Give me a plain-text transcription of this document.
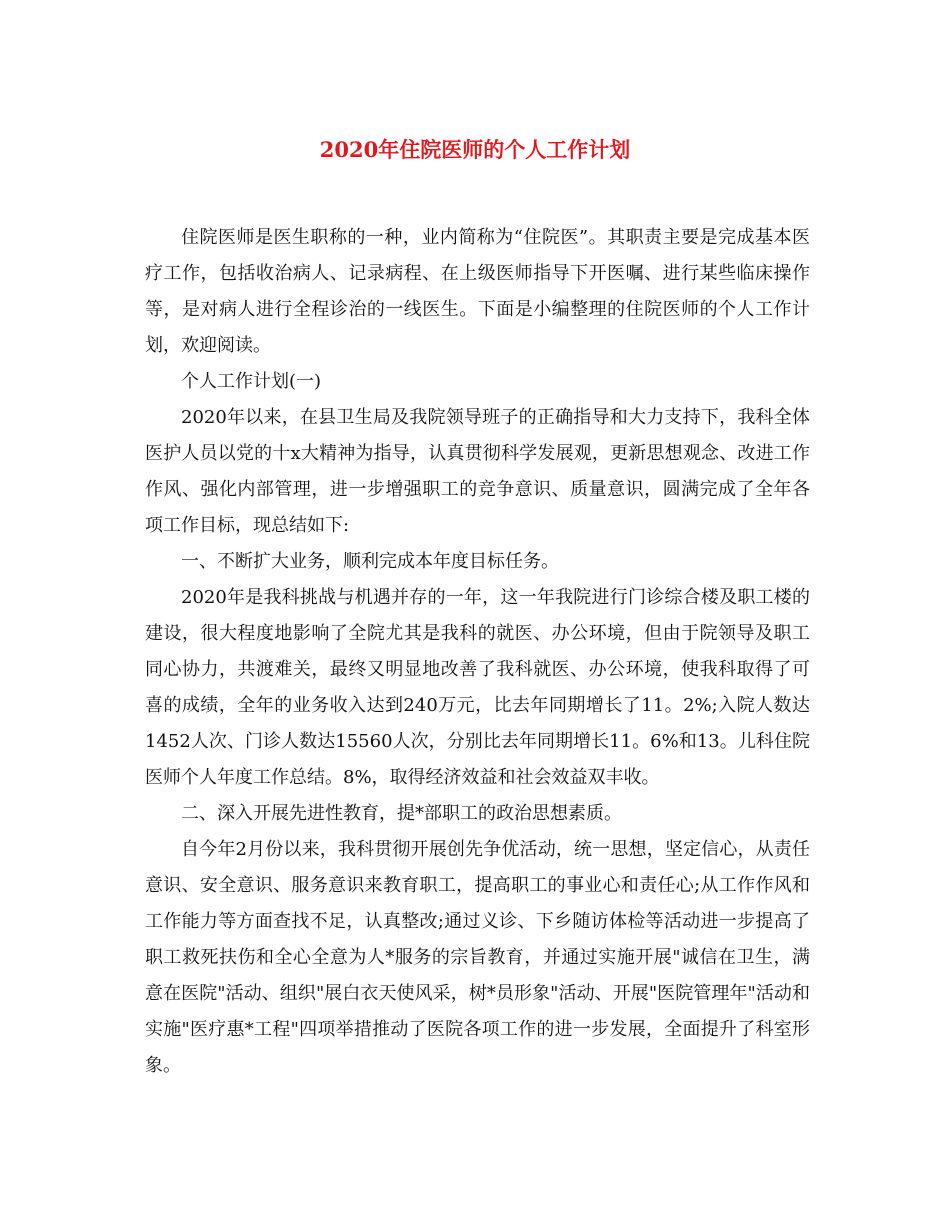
2020年住院医师的个人工作计划

住院医师是医生职称的一种，业内简称为“住院医”。其职责主要是完成基本医疗工作，包括收治病人、记录病程、在上级医师指导下开医嘱、进行某些临床操作等，是对病人进行全程诊治的一线医生。下面是小编整理的住院医师的个人工作计划，欢迎阅读。

个人工作计划(一)

2020年以来，在县卫生局及我院领导班子的正确指导和大力支持下，我科全体医护人员以党的十x大精神为指导，认真贯彻科学发展观，更新思想观念、改进工作作风、强化内部管理，进一步增强职工的竞争意识、质量意识，圆满完成了全年各项工作目标，现总结如下:

一、不断扩大业务，顺利完成本年度目标任务。

2020年是我科挑战与机遇并存的一年，这一年我院进行门诊综合楼及职工楼的建设，很大程度地影响了全院尤其是我科的就医、办公环境，但由于院领导及职工同心协力，共渡难关，最终又明显地改善了我科就医、办公环境，使我科取得了可喜的成绩，全年的业务收入达到240万元，比去年同期增长了11。2%;入院人数达1452人次、门诊人数达15560人次，分别比去年同期增长11。6%和13。儿科住院医师个人年度工作总结。8%，取得经济效益和社会效益双丰收。

二、深入开展先进性教育，提*部职工的政治思想素质。

自今年2月份以来，我科贯彻开展创先争优活动，统一思想，坚定信心，从责任意识、安全意识、服务意识来教育职工，提高职工的事业心和责任心;从工作作风和工作能力等方面查找不足，认真整改;通过义诊、下乡随访体检等活动进一步提高了职工救死扶伤和全心全意为人*服务的宗旨教育，并通过实施开展"诚信在卫生，满意在医院"活动、组织"展白衣天使风采，树*员形象"活动、开展"医院管理年"活动和实施"医疗惠*工程"四项举措推动了医院各项工作的进一步发展，全面提升了科室形象。
